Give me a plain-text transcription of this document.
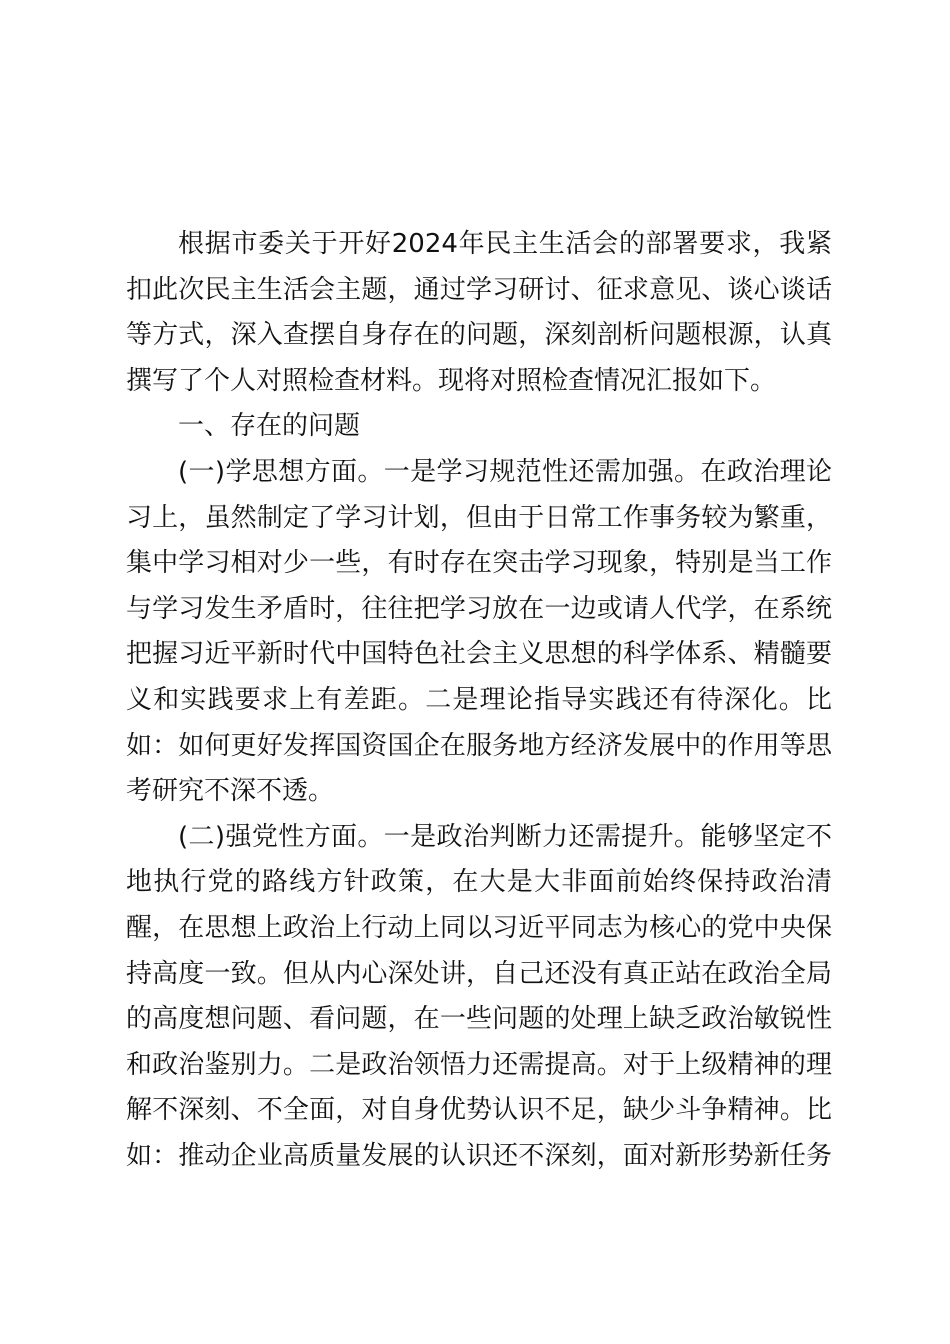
根据市委关于开好2024年民主生活会的部署要求，我紧
扣此次民主生活会主题，通过学习研讨、征求意见、谈心谈话
等方式，深入查摆自身存在的问题，深刻剖析问题根源，认真
撰写了个人对照检查材料。现将对照检查情况汇报如下。
一、存在的问题
(一)学思想方面。一是学习规范性还需加强。在政治理论
习上，虽然制定了学习计划，但由于日常工作事务较为繁重，
集中学习相对少一些，有时存在突击学习现象，特别是当工作
与学习发生矛盾时，往往把学习放在一边或请人代学，在系统
把握习近平新时代中国特色社会主义思想的科学体系、精髓要
义和实践要求上有差距。二是理论指导实践还有待深化。比
如：如何更好发挥国资国企在服务地方经济发展中的作用等思
考研究不深不透。
(二)强党性方面。一是政治判断力还需提升。能够坚定不
地执行党的路线方针政策，在大是大非面前始终保持政治清
醒，在思想上政治上行动上同以习近平同志为核心的党中央保
持高度一致。但从内心深处讲，自己还没有真正站在政治全局
的高度想问题、看问题，在一些问题的处理上缺乏政治敏锐性
和政治鉴别力。二是政治领悟力还需提高。对于上级精神的理
解不深刻、不全面，对自身优势认识不足，缺少斗争精神。比
如：推动企业高质量发展的认识还不深刻，面对新形势新任务
